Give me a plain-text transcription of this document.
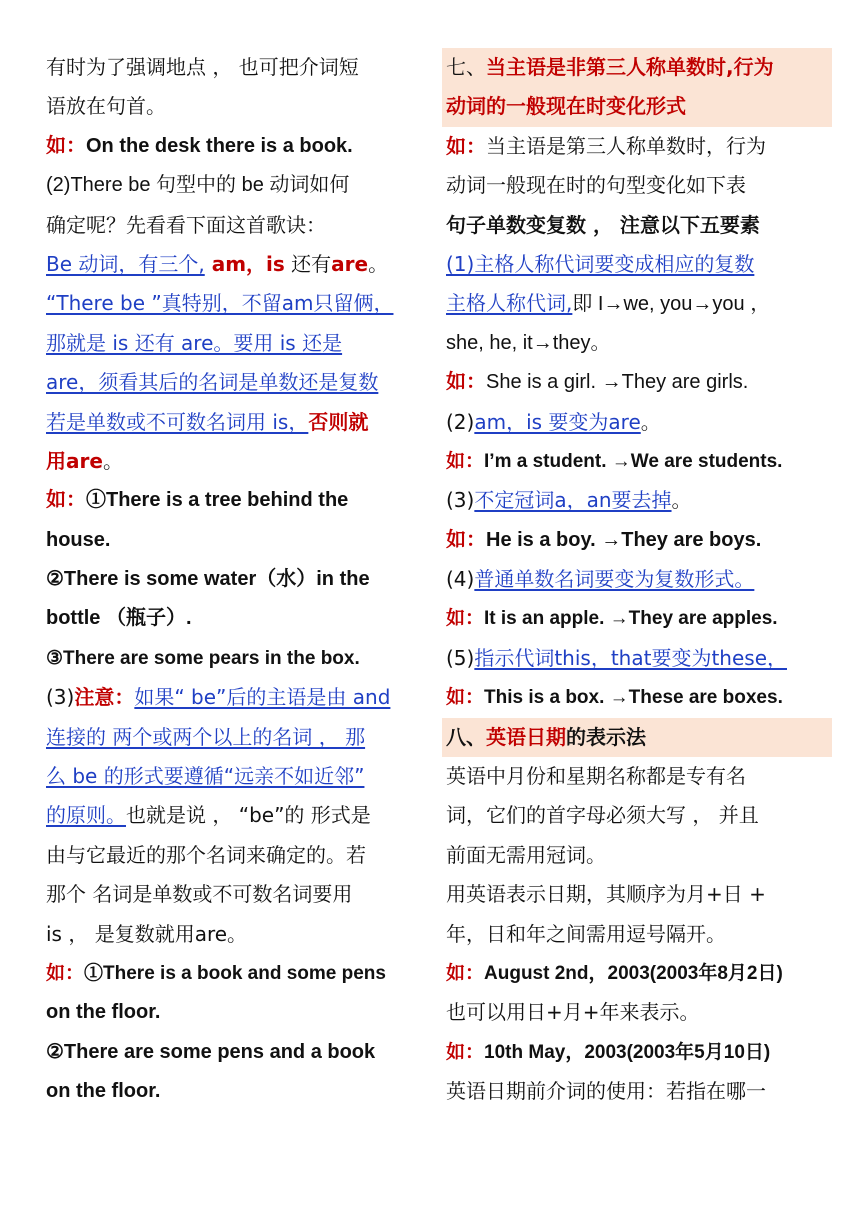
有时为了强调地点 ， 也可把介词短
语放在句首。
如：On the desk there is a book.
(2)There be 句型中的 be 动词如何
确定呢？先看看下面这首歌诀：
Be 动词，有三个, am，is 还有are。
“There be ”真特别，不留am只留俩，
那就是 is 还有 are。要用 is 还是
are，须看其后的名词是单数还是复数
若是单数或不可数名词用 is，否则就
用are。
如：①There is a tree behind the
house.
②There is some water（水）in the
bottle （瓶子）.
③There are some pears in the box.
(3)注意：如果“ be”后的主语是由 and
连接的 两个或两个以上的名词 ， 那
么 be 的形式要遵循“远亲不如近邻”
的原则。也就是说 ， “be”的 形式是
由与它最近的那个名词来确定的。若
那个 名词是单数或不可数名词要用
is ， 是复数就用are。
如：①There is a book and some pens
on the floor.
②There are some pens and a book
on the floor.
七、当主语是非第三人称单数时,行为
动词的一般现在时变化形式
如：当主语是第三人称单数时，行为
动词一般现在时的句型变化如下表
句子单数变复数 ， 注意以下五要素
(1)主格人称代词要变成相应的复数
主格人称代词,即 I→we, you→you ，
she, he, it→they。
如：She is a girl. →They are girls.
(2)am，is 要变为are。
如：I’m a student. →We are students.
(3)不定冠词a，an要去掉。
如：He is a boy. →They are boys.
(4)普通单数名词要变为复数形式。
如：It is an apple. →They are apples.
(5)指示代词this，that要变为these，
如：This is a box. →These are boxes.
八、英语日期的表示法
英语中月份和星期名称都是专有名
词，它们的首字母必须大写 ， 并且
前面无需用冠词。
用英语表示日期，其顺序为月+日 +
年，日和年之间需用逗号隔开。
如：August 2nd，2003(2003年8月2日)
也可以用日+月+年来表示。
如：10th May，2003(2003年5月10日)
英语日期前介词的使用：若指在哪一
